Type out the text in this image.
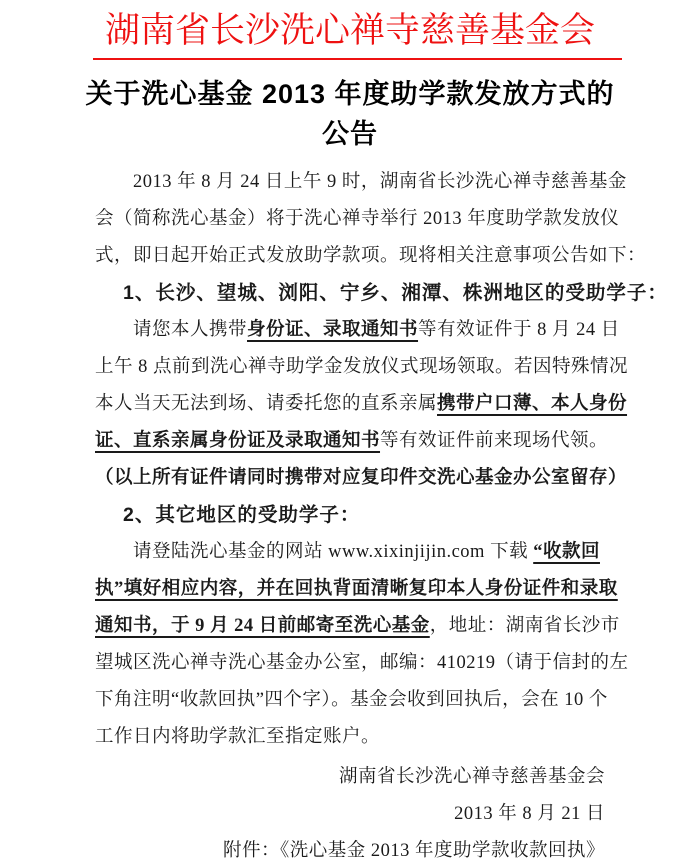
湖南省长沙洗心禅寺慈善基金会
关于洗心基金 2013 年度助学款发放方式的
公告
2013 年 8 月 24 日上午 9 时，湖南省长沙洗心禅寺慈善基金
会（简称洗心基金）将于洗心禅寺举行 2013 年度助学款发放仪
式，即日起开始正式发放助学款项。现将相关注意事项公告如下：
1、长沙、望城、浏阳、宁乡、湘潭、株洲地区的受助学子：
请您本人携带身份证、录取通知书等有效证件于 8 月 24 日
上午 8 点前到洗心禅寺助学金发放仪式现场领取。若因特殊情况
本人当天无法到场、请委托您的直系亲属携带户口薄、本人身份
证、直系亲属身份证及录取通知书等有效证件前来现场代领。
（以上所有证件请同时携带对应复印件交洗心基金办公室留存）
2、其它地区的受助学子：
请登陆洗心基金的网站 www.xixinjijin.com 下载 “收款回
执”填好相应内容，并在回执背面清晰复印本人身份证件和录取
通知书，于 9 月 24 日前邮寄至洗心基金，地址：湖南省长沙市
望城区洗心禅寺洗心基金办公室，邮编：410219（请于信封的左
下角注明“收款回执”四个字）。基金会收到回执后，会在 10 个
工作日内将助学款汇至指定账户。
湖南省长沙洗心禅寺慈善基金会
2013 年 8 月 21 日
附件：《洗心基金 2013 年度助学款收款回执》
